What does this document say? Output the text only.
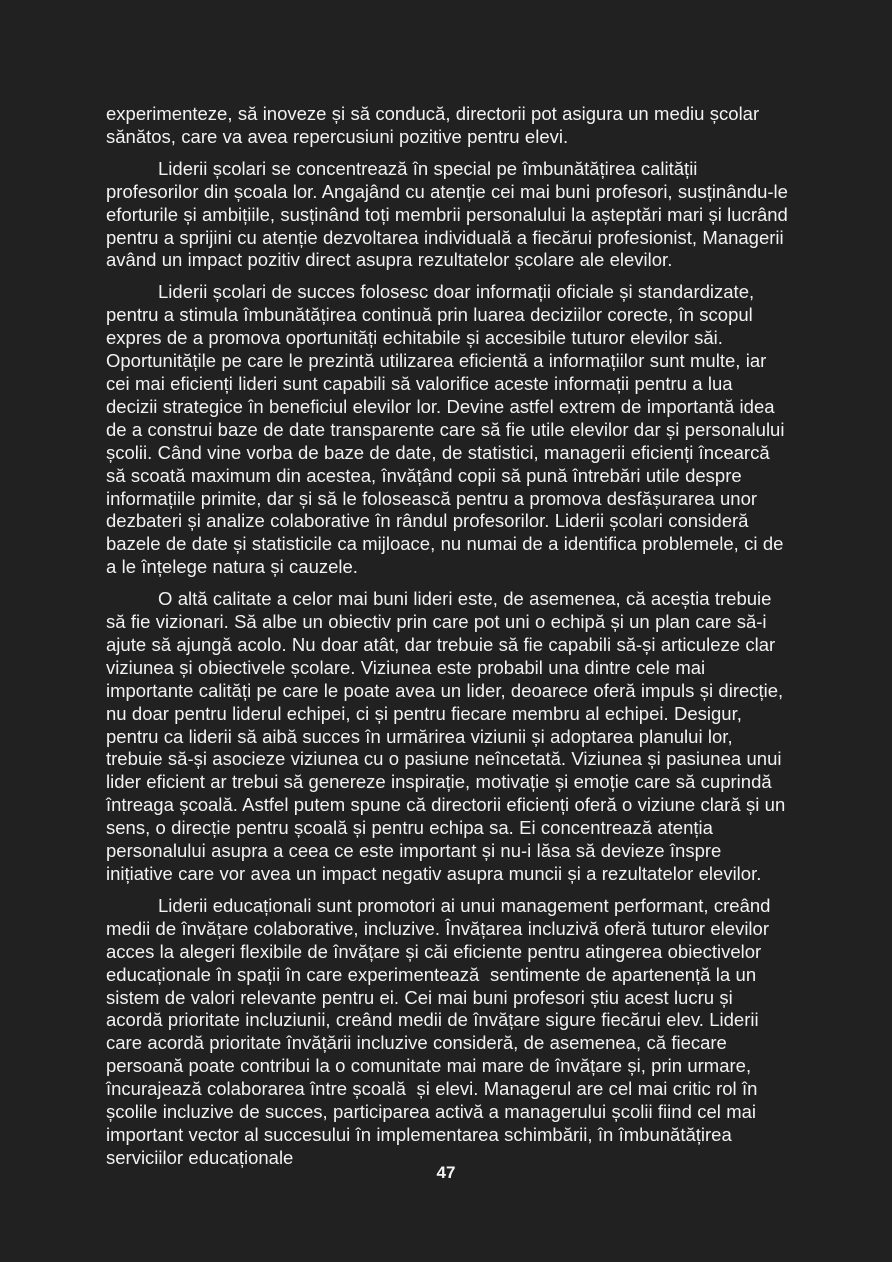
experimenteze, să inoveze și să conducă, directorii pot asigura un mediu școlar sănătos, care va avea repercusiuni pozitive pentru elevi.

Liderii școlari se concentrează în special pe îmbunătățirea calității profesorilor din școala lor. Angajând cu atenție cei mai buni profesori, susținându-le eforturile și ambițiile, susținând toți membrii personalului la așteptări mari și lucrând pentru a sprijini cu atenție dezvoltarea individuală a fiecărui profesionist, Managerii având un impact pozitiv direct asupra rezultatelor școlare ale elevilor.

Liderii școlari de succes folosesc doar informații oficiale și standardizate, pentru a stimula îmbunătățirea continuă prin luarea deciziilor corecte, în scopul expres de a promova oportunități echitabile și accesibile tuturor elevilor săi. Oportunitățile pe care le prezintă utilizarea eficientă a informațiilor sunt multe, iar cei mai eficienți lideri sunt capabili să valorifice aceste informații pentru a lua decizii strategice în beneficiul elevilor lor. Devine astfel extrem de importantă idea de a construi baze de date transparente care să fie utile elevilor dar și personalului școlii. Când vine vorba de baze de date, de statistici, managerii eficienți încearcă să scoată maximum din acestea, învățând copii să pună întrebări utile despre informațiile primite, dar și să le folosească pentru a promova desfășurarea unor dezbateri și analize colaborative în rândul profesorilor. Liderii școlari consideră bazele de date și statisticile ca mijloace, nu numai de a identifica problemele, ci de a le înțelege natura și cauzele.

O altă calitate a celor mai buni lideri este, de asemenea, că aceștia trebuie să fie vizionari. Să albe un obiectiv prin care pot uni o echipă și un plan care să-i ajute să ajungă acolo. Nu doar atât, dar trebuie să fie capabili să-și articuleze clar viziunea și obiectivele școlare. Viziunea este probabil una dintre cele mai importante calități pe care le poate avea un lider, deoarece oferă impuls și direcție, nu doar pentru liderul echipei, ci și pentru fiecare membru al echipei. Desigur, pentru ca liderii să aibă succes în urmărirea viziunii și adoptarea planului lor, trebuie să-și asocieze viziunea cu o pasiune neîncetată. Viziunea și pasiunea unui lider eficient ar trebui să genereze inspirație, motivație și emoție care să cuprindă întreaga școală. Astfel putem spune că directorii eficienți oferă o viziune clară și un sens, o direcție pentru școală și pentru echipa sa. Ei concentrează atenția personalului asupra a ceea ce este important și nu-i lăsa să devieze înspre inițiative care vor avea un impact negativ asupra muncii și a rezultatelor elevilor.

Liderii educaționali sunt promotori ai unui management performant, creând medii de învățare colaborative, incluzive. Învățarea incluzivă oferă tuturor elevilor acces la alegeri flexibile de învățare și căi eficiente pentru atingerea obiectivelor educaționale în spații în care experimentează  sentimente de apartenență la un sistem de valori relevante pentru ei. Cei mai buni profesori știu acest lucru și acordă prioritate incluziunii, creând medii de învățare sigure fiecărui elev. Liderii care acordă prioritate învățării incluzive consideră, de asemenea, că fiecare persoană poate contribui la o comunitate mai mare de învățare și, prin urmare, încurajează colaborarea între școală  și elevi. Managerul are cel mai critic rol în școlile incluzive de succes, participarea activă a managerului școlii fiind cel mai important vector al succesului în implementarea schimbării, în îmbunătățirea serviciilor educaționale

47
